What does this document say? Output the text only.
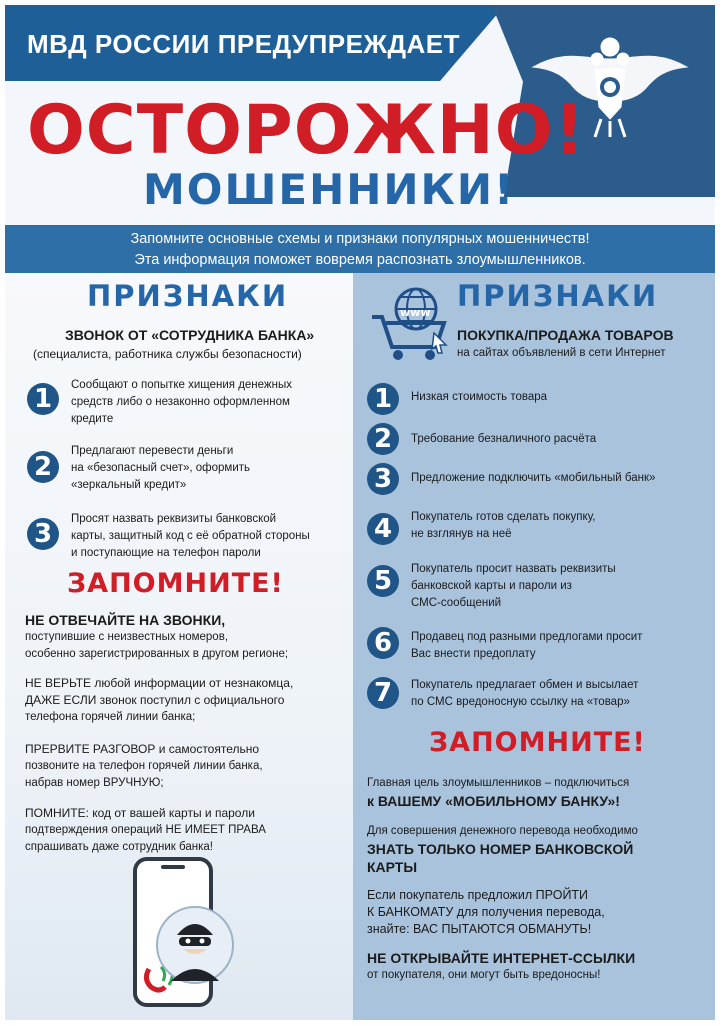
МВД РОССИИ ПРЕДУПРЕЖДАЕТ
ОСТОРОЖНО!
МОШЕННИКИ!
Запомните основные схемы и признаки популярных мошенничеств!
Эта информация поможет вовремя распознать злоумышленников.
ПРИЗНАКИ
ЗВОНОК ОТ «СОТРУДНИКА БАНКА»
(специалиста, работника службы безопасности)
1	Сообщают о попытке хищения денежных
средств либо о незаконно оформленном
кредите
2
Предлагают перевести деньги
на «безопасный счет», оформить
«зеркальный кредит»
3	Просят назвать реквизиты банковской
карты, защитный код с её обратной стороны
и поступающие на телефон пароли
ЗАПОМНИТЕ!
НЕ ОТВЕЧАЙТЕ НА ЗВОНКИ,
поступившие с неизвестных номеров,
особенно зарегистрированных в другом регионе;
НЕ ВЕРЬТЕ любой информации от незнакомца,
ДАЖЕ ЕСЛИ звонок поступил с официального
телефона горячей линии банка;
ПРЕРВИТЕ РАЗГОВОР и самостоятельно
позвоните на телефон горячей линии банка,
набрав номер ВРУЧНУЮ;
ПОМНИТЕ: код от вашей карты и пароли
подтверждения операций НЕ ИМЕЕТ ПРАВА
спрашивать даже сотрудник банка!
www ПРИЗНАКИ
ПОКУПКА/ПРОДАЖА ТОВАРОВ
на сайтах объявлений в сети Интернет
1	Низкая стоимость товара
2	Требование безналичного расчёта
3	Предложение подключить «мобильный банк»
4	Покупатель готов сделать покупку,
не взглянув на неё
5	Покупатель просит назвать реквизиты
банковской карты и пароли из
СМС-сообщений
6	Продавец под разными предлогами просит
Вас внести предоплату
7	Покупатель предлагает обмен и высылает
по СМС вредоносную ссылку на «товар»
ЗАПОМНИТЕ!
Главная цель злоумышленников – подключиться
к ВАШЕМУ «МОБИЛЬНОМУ БАНКУ»!
Для совершения денежного перевода необходимо
ЗНАТЬ ТОЛЬКО НОМЕР БАНКОВСКОЙ
КАРТЫ
Если покупатель предложил ПРОЙТИ
К БАНКОМАТУ для получения перевода,
знайте: ВАС ПЫТАЮТСЯ ОБМАНУТЬ!
НЕ ОТКРЫВАЙТЕ ИНТЕРНЕТ-ССЫЛКИ
от покупателя, они могут быть вредоносны!
